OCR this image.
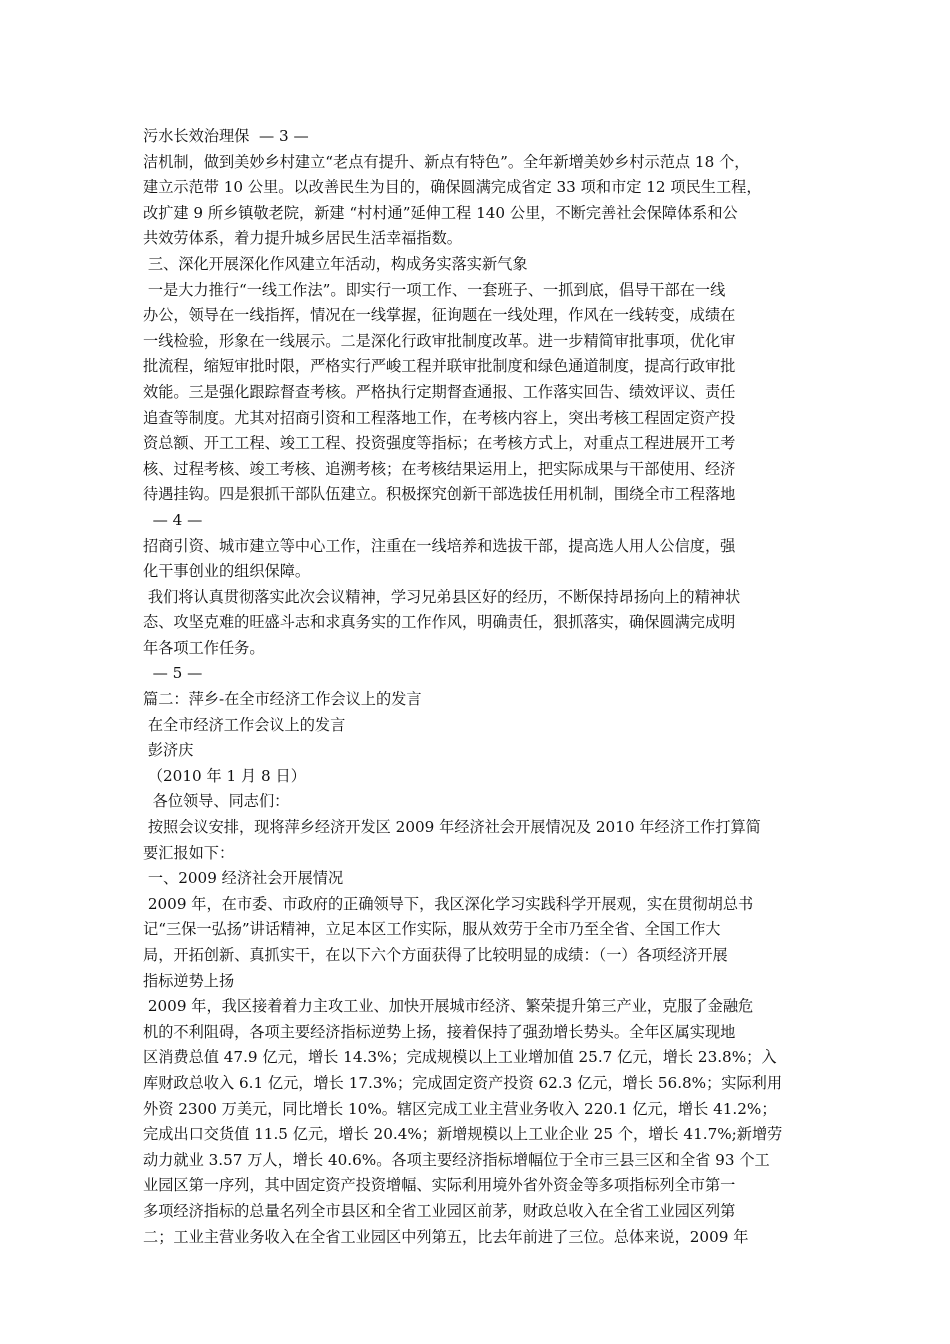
污水长效治理保  — 3 —
洁机制，做到美妙乡村建立“老点有提升、新点有特色”。全年新增美妙乡村示范点 18 个，
建立示范带 10 公里。以改善民生为目的，确保圆满完成省定 33 项和市定 12 项民生工程，
改扩建 9 所乡镇敬老院，新建 “村村通”延伸工程 140 公里，不断完善社会保障体系和公
共效劳体系，着力提升城乡居民生活幸福指数。
三、深化开展深化作风建立年活动，构成务实落实新气象
一是大力推行“一线工作法”。即实行一项工作、一套班子、一抓到底，倡导干部在一线
办公，领导在一线指挥，情况在一线掌握，征询题在一线处理，作风在一线转变，成绩在
一线检验，形象在一线展示。二是深化行政审批制度改革。进一步精简审批事项，优化审
批流程，缩短审批时限，严格实行严峻工程并联审批制度和绿色通道制度，提高行政审批
效能。三是强化跟踪督查考核。严格执行定期督查通报、工作落实回告、绩效评议、责任
追查等制度。尤其对招商引资和工程落地工作，在考核内容上，突出考核工程固定资产投
资总额、开工工程、竣工工程、投资强度等指标；在考核方式上，对重点工程进展开工考
核、过程考核、竣工考核、追溯考核；在考核结果运用上，把实际成果与干部使用、经济
待遇挂钩。四是狠抓干部队伍建立。积极探究创新干部选拔任用机制，围绕全市工程落地
— 4 —
招商引资、城市建立等中心工作，注重在一线培养和选拔干部，提高选人用人公信度，强
化干事创业的组织保障。
我们将认真贯彻落实此次会议精神，学习兄弟县区好的经历，不断保持昂扬向上的精神状
态、攻坚克难的旺盛斗志和求真务实的工作作风，明确责任，狠抓落实，确保圆满完成明
年各项工作任务。
— 5 —
篇二：萍乡-在全市经济工作会议上的发言
在全市经济工作会议上的发言
彭济庆
（2010 年 1 月 8 日）
各位领导、同志们：
按照会议安排，现将萍乡经济开发区 2009 年经济社会开展情况及 2010 年经济工作打算简
要汇报如下：
一、2009 经济社会开展情况
2009 年，在市委、市政府的正确领导下，我区深化学习实践科学开展观，实在贯彻胡总书
记“三保一弘扬”讲话精神，立足本区工作实际，服从效劳于全市乃至全省、全国工作大
局，开拓创新、真抓实干，在以下六个方面获得了比较明显的成绩：（一）各项经济开展
指标逆势上扬
2009 年，我区接着着力主攻工业、加快开展城市经济、繁荣提升第三产业，克服了金融危
机的不利阻碍，各项主要经济指标逆势上扬，接着保持了强劲增长势头。全年区属实现地
区消费总值 47.9 亿元，增长 14.3%；完成规模以上工业增加值 25.7 亿元，增长 23.8%；入
库财政总收入 6.1 亿元，增长 17.3%；完成固定资产投资 62.3 亿元，增长 56.8%；实际利用
外资 2300 万美元，同比增长 10%。辖区完成工业主营业务收入 220.1 亿元，增长 41.2%；
完成出口交货值 11.5 亿元，增长 20.4%；新增规模以上工业企业 25 个，增长 41.7%;新增劳
动力就业 3.57 万人，增长 40.6%。各项主要经济指标增幅位于全市三县三区和全省 93 个工
业园区第一序列，其中固定资产投资增幅、实际利用境外省外资金等多项指标列全市第一
多项经济指标的总量名列全市县区和全省工业园区前茅，财政总收入在全省工业园区列第
二；工业主营业务收入在全省工业园区中列第五，比去年前进了三位。总体来说，2009 年
